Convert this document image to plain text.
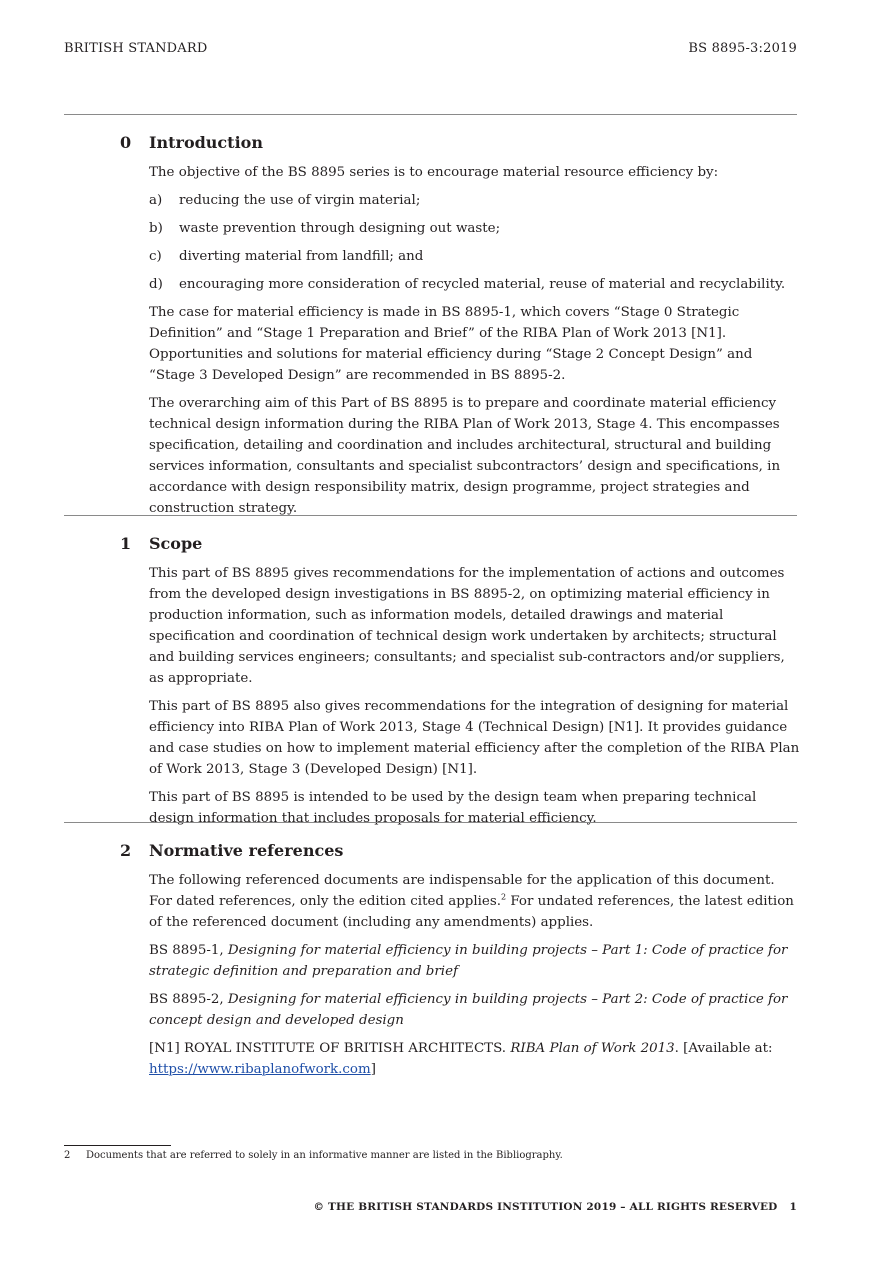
BRITISH STANDARD	BS 8895-3:2019
0 Introduction

The objective of the BS 8895 series is to encourage material resource efficiency by:

a)	reducing the use of virgin material;
b)	waste prevention through designing out waste;
c)	diverting material from landfill; and
d)	encouraging more consideration of recycled material, reuse of material and recyclability.

The case for material efficiency is made in BS 8895-1, which covers “Stage 0 Strategic Definition” and “Stage 1 Preparation and Brief” of the RIBA Plan of Work 2013 [N1]. Opportunities and solutions for material efficiency during “Stage 2 Concept Design” and “Stage 3 Developed Design” are recommended in BS 8895-2.

The overarching aim of this Part of BS 8895 is to prepare and coordinate material efficiency technical design information during the RIBA Plan of Work 2013, Stage 4. This encompasses specification, detailing and coordination and includes architectural, structural and building services information, consultants and specialist subcontractors’ design and specifications, in accordance with design responsibility matrix, design programme, project strategies and construction strategy.

1 Scope

This part of BS 8895 gives recommendations for the implementation of actions and outcomes from the developed design investigations in BS 8895-2, on optimizing material efficiency in production information, such as information models, detailed drawings and material specification and coordination of technical design work undertaken by architects; structural and building services engineers; consultants; and specialist sub-contractors and/or suppliers, as appropriate.

This part of BS 8895 also gives recommendations for the integration of designing for material efficiency into RIBA Plan of Work 2013, Stage 4 (Technical Design) [N1]. It provides guidance and case studies on how to implement material efficiency after the completion of the RIBA Plan of Work 2013, Stage 3 (Developed Design) [N1].

This part of BS 8895 is intended to be used by the design team when preparing technical design information that includes proposals for material efficiency.

2 Normative references

The following referenced documents are indispensable for the application of this document. For dated references, only the edition cited applies.$^2$ For undated references, the latest edition of the referenced document (including any amendments) applies.

BS 8895-1, Designing for material efficiency in building projects – Part 1: Code of practice for strategic definition and preparation and brief

BS 8895-2, Designing for material efficiency in building projects – Part 2: Code of practice for concept design and developed design

[N1] ROYAL INSTITUTE OF BRITISH ARCHITECTS. RIBA Plan of Work 2013. [Available at: https://www.ribaplanofwork.com]

2	Documents that are referred to solely in an informative manner are listed in the Bibliography.
© THE BRITISH STANDARDS INSTITUTION 2019 – ALL RIGHTS RESERVED 1
